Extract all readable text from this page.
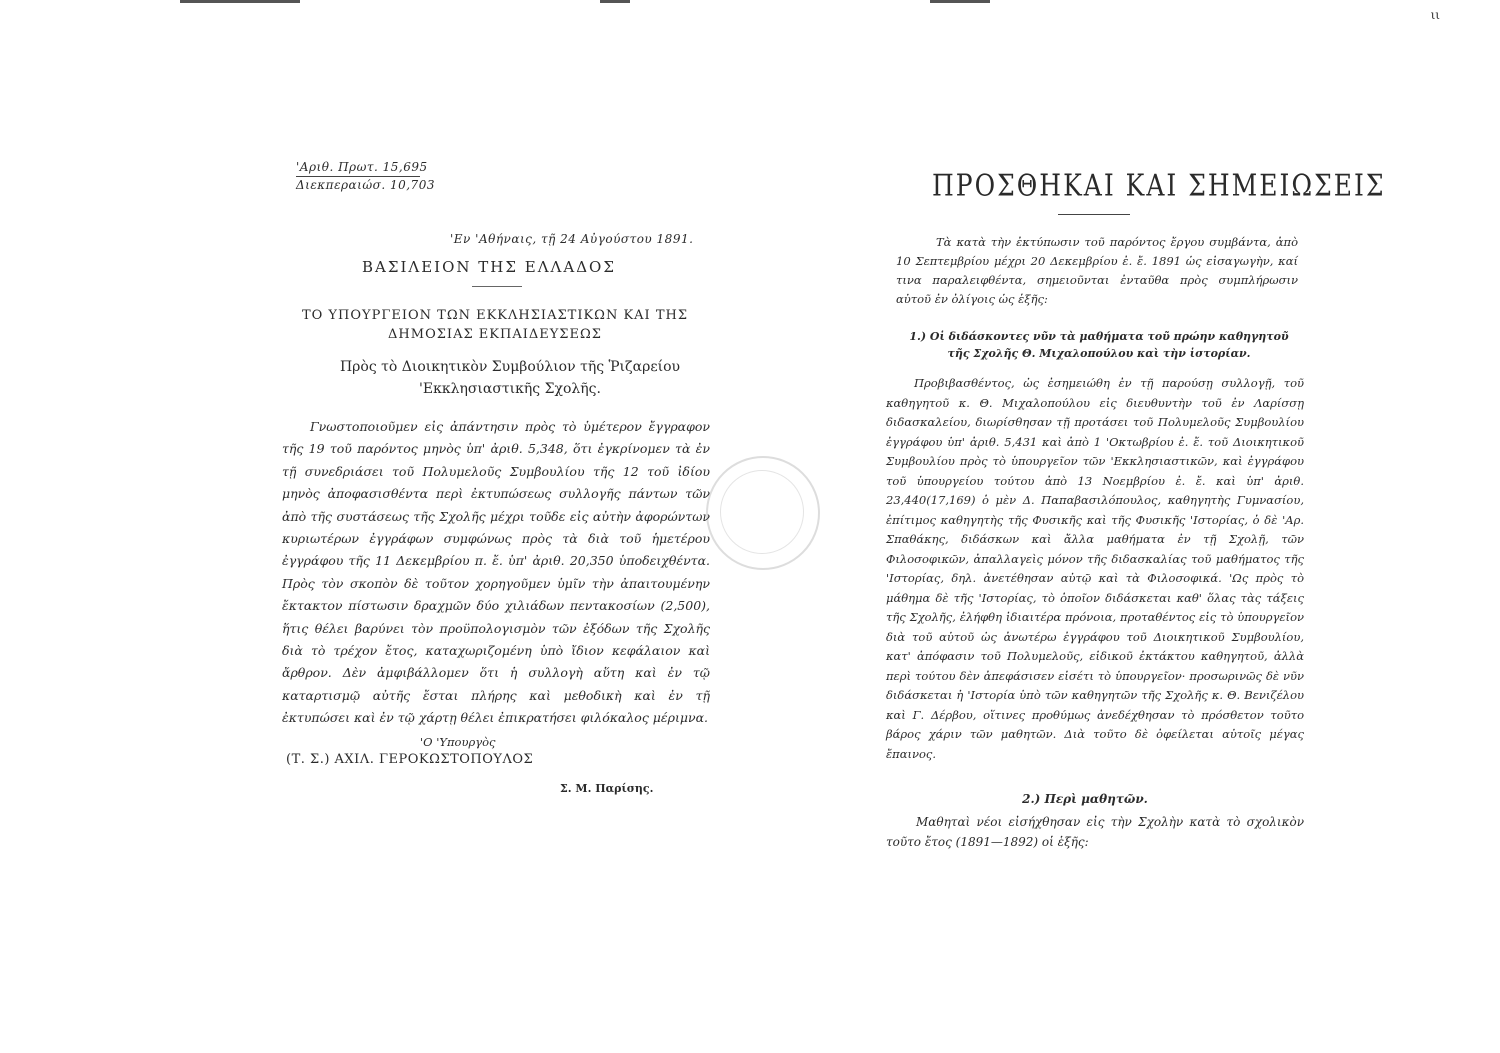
ιι
'Αριθ. Πρωτ. 15,695
Διεκπεραιώσ. 10,703
'Εν 'Αθήναις, τῇ 24 Αὐγούστου 1891.
ΒΑΣΙΛΕΙΟΝ ΤΗΣ ΕΛΛΑΔΟΣ
ΤΟ ΥΠΟΥΡΓΕΙΟΝ ΤΩΝ ΕΚΚΛΗΣΙΑΣΤΙΚΩΝ ΚΑΙ ΤΗΣ
ΔΗΜΟΣΙΑΣ ΕΚΠΑΙΔΕΥΣΕΩΣ
Πρὸς τὸ Διοικητικὸν Συμβούλιον τῆς Ῥιζαρείου
'Εκκλησιαστικῆς Σχολῆς.

Γνωστοποιοῦμεν εἰς ἀπάντησιν πρὸς τὸ ὑμέτερον ἔγγραφον τῆς 19 τοῦ παρόντος μηνὸς ὑπ' ἀριθ. 5,348, ὅτι ἐγκρίνομεν τὰ ἐν τῇ συνεδριάσει τοῦ Πολυμελοῦς Συμβουλίου τῆς 12 τοῦ ἰδίου μηνὸς ἀποφασισθέντα περὶ ἐκτυπώσεως συλλογῆς πάντων τῶν ἀπὸ τῆς συστάσεως τῆς Σχολῆς μέχρι τοῦδε εἰς αὐτὴν ἀφορώντων κυριωτέρων ἐγγράφων συμφώνως πρὸς τὰ διὰ τοῦ ἡμετέρου ἐγγράφου τῆς 11 Δεκεμβρίου π. ἔ. ὑπ' ἀριθ. 20,350 ὑποδειχθέντα. Πρὸς τὸν σκοπὸν δὲ τοῦτον χορηγοῦμεν ὑμῖν τὴν ἀπαιτουμένην ἔκτακτον πίστωσιν δραχμῶν δύο χιλιάδων πεντακοσίων (2,500), ἥτις θέλει βαρύνει τὸν προϋπολογισμὸν τῶν ἐξόδων τῆς Σχολῆς διὰ τὸ τρέχον ἔτος, καταχωριζομένη ὑπὸ ἴδιον κεφάλαιον καὶ ἄρθρον. Δὲν ἀμφιβάλλομεν ὅτι ἡ συλλογὴ αὕτη καὶ ἐν τῷ καταρτισμῷ αὐτῆς ἔσται πλήρης καὶ μεθοδικὴ καὶ ἐν τῇ ἐκτυπώσει καὶ ἐν τῷ χάρτῃ θέλει ἐπικρατήσει φιλόκαλος μέριμνα.

'Ο 'Υπουργὸς
(Τ. Σ.) ΑΧΙΛ. ΓΕΡΟΚΩΣΤΟΠΟΥΛΟΣ
Σ. Μ. Παρίσης.
ΠΡΟΣΘΗΚΑΙ ΚΑΙ ΣΗΜΕΙΩΣΕΙΣ

Τὰ κατὰ τὴν ἐκτύπωσιν τοῦ παρόντος ἔργου συμβάντα, ἀπὸ 10 Σεπτεμβρίου μέχρι 20 Δεκεμβρίου ἐ. ἔ. 1891 ὡς εἰσαγωγὴν, καί τινα παραλειφθέντα, σημειοῦνται ἐνταῦθα πρὸς συμπλήρωσιν αὐτοῦ ἐν ὀλίγοις ὡς ἑξῆς:

1.) Οἱ διδάσκοντες νῦν τὰ μαθήματα τοῦ πρώην καθηγητοῦ
τῆς Σχολῆς Θ. Μιχαλοπούλου καὶ τὴν ἱστορίαν.

Προβιβασθέντος, ὡς ἐσημειώθη ἐν τῇ παρούσῃ συλλογῇ, τοῦ καθηγητοῦ κ. Θ. Μιχαλοπούλου εἰς διευθυντὴν τοῦ ἐν Λαρίσσῃ διδασκαλείου, διωρίσθησαν τῇ προτάσει τοῦ Πολυμελοῦς Συμβουλίου ἐγγράφου ὑπ' ἀριθ. 5,431 καὶ ἀπὸ 1 'Οκτωβρίου ἐ. ἔ. τοῦ Διοικητικοῦ Συμβουλίου πρὸς τὸ ὑπουργεῖον τῶν 'Εκκλησιαστικῶν, καὶ ἐγγράφου τοῦ ὑπουργείου τούτου ἀπὸ 13 Νοεμβρίου ἐ. ἔ. καὶ ὑπ' ἀριθ. 23,440(17,169) ὁ μὲν Δ. Παπαβασιλόπουλος, καθηγητὴς Γυμνασίου, ἐπίτιμος καθηγητὴς τῆς Φυσικῆς καὶ τῆς Φυσικῆς 'Ιστορίας, ὁ δὲ 'Αρ. Σπαθάκης, διδάσκων καὶ ἄλλα μαθήματα ἐν τῇ Σχολῇ, τῶν Φιλοσοφικῶν, ἀπαλλαγεὶς μόνον τῆς διδασκαλίας τοῦ μαθήματος τῆς 'Ιστορίας, δηλ. ἀνετέθησαν αὐτῷ καὶ τὰ Φιλοσοφικά. 'Ως πρὸς τὸ μάθημα δὲ τῆς 'Ιστορίας, τὸ ὁποῖον διδάσκεται καθ' ὅλας τὰς τάξεις τῆς Σχολῆς, ἐλήφθη ἰδιαιτέρα πρόνοια, προταθέντος εἰς τὸ ὑπουργεῖον διὰ τοῦ αὐτοῦ ὡς ἀνωτέρω ἐγγράφου τοῦ Διοικητικοῦ Συμβουλίου, κατ' ἀπόφασιν τοῦ Πολυμελοῦς, εἰδικοῦ ἐκτάκτου καθηγητοῦ, ἀλλὰ περὶ τούτου δὲν ἀπεφάσισεν εἰσέτι τὸ ὑπουργεῖον· προσωρινῶς δὲ νῦν διδάσκεται ἡ 'Ιστορία ὑπὸ τῶν καθηγητῶν τῆς Σχολῆς κ. Θ. Βενιζέλου καὶ Γ. Δέρβου, οἵτινες προθύμως ἀνεδέχθησαν τὸ πρόσθετον τοῦτο βάρος χάριν τῶν μαθητῶν. Διὰ τοῦτο δὲ ὀφείλεται αὐτοῖς μέγας ἔπαινος.

2.) Περὶ μαθητῶν.

Μαθηταὶ νέοι εἰσήχθησαν εἰς τὴν Σχολὴν κατὰ τὸ σχολικὸν τοῦτο ἔτος (1891—1892) οἱ ἑξῆς:
